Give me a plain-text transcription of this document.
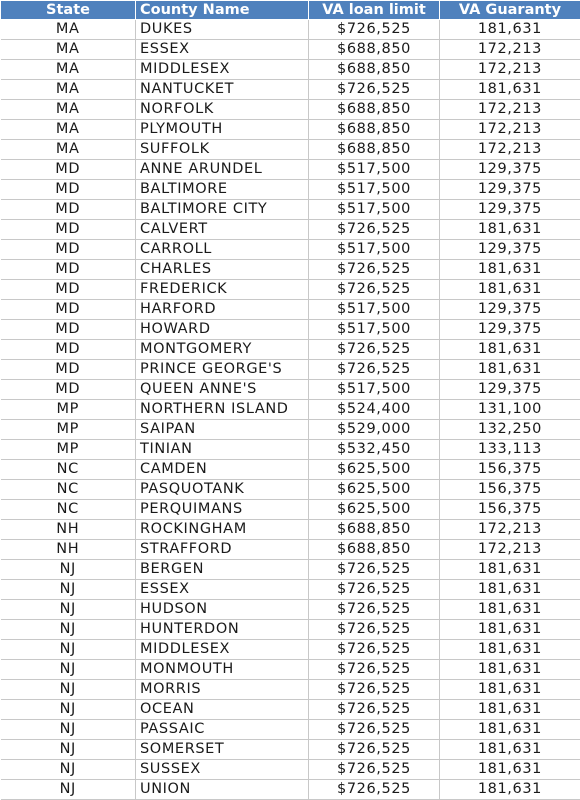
State	County Name	VA loan limit	VA Guaranty
MA	DUKES	$726,525	181,631
MA	ESSEX	$688,850	172,213
MA	MIDDLESEX	$688,850	172,213
MA	NANTUCKET	$726,525	181,631
MA	NORFOLK	$688,850	172,213
MA	PLYMOUTH	$688,850	172,213
MA	SUFFOLK	$688,850	172,213
MD	ANNE ARUNDEL	$517,500	129,375
MD	BALTIMORE	$517,500	129,375
MD	BALTIMORE CITY	$517,500	129,375
MD	CALVERT	$726,525	181,631
MD	CARROLL	$517,500	129,375
MD	CHARLES	$726,525	181,631
MD	FREDERICK	$726,525	181,631
MD	HARFORD	$517,500	129,375
MD	HOWARD	$517,500	129,375
MD	MONTGOMERY	$726,525	181,631
MD	PRINCE GEORGE'S	$726,525	181,631
MD	QUEEN ANNE'S	$517,500	129,375
MP	NORTHERN ISLAND	$524,400	131,100
MP	SAIPAN	$529,000	132,250
MP	TINIAN	$532,450	133,113
NC	CAMDEN	$625,500	156,375
NC	PASQUOTANK	$625,500	156,375
NC	PERQUIMANS	$625,500	156,375
NH	ROCKINGHAM	$688,850	172,213
NH	STRAFFORD	$688,850	172,213
NJ	BERGEN	$726,525	181,631
NJ	ESSEX	$726,525	181,631
NJ	HUDSON	$726,525	181,631
NJ	HUNTERDON	$726,525	181,631
NJ	MIDDLESEX	$726,525	181,631
NJ	MONMOUTH	$726,525	181,631
NJ	MORRIS	$726,525	181,631
NJ	OCEAN	$726,525	181,631
NJ	PASSAIC	$726,525	181,631
NJ	SOMERSET	$726,525	181,631
NJ	SUSSEX	$726,525	181,631
NJ	UNION	$726,525	181,631
